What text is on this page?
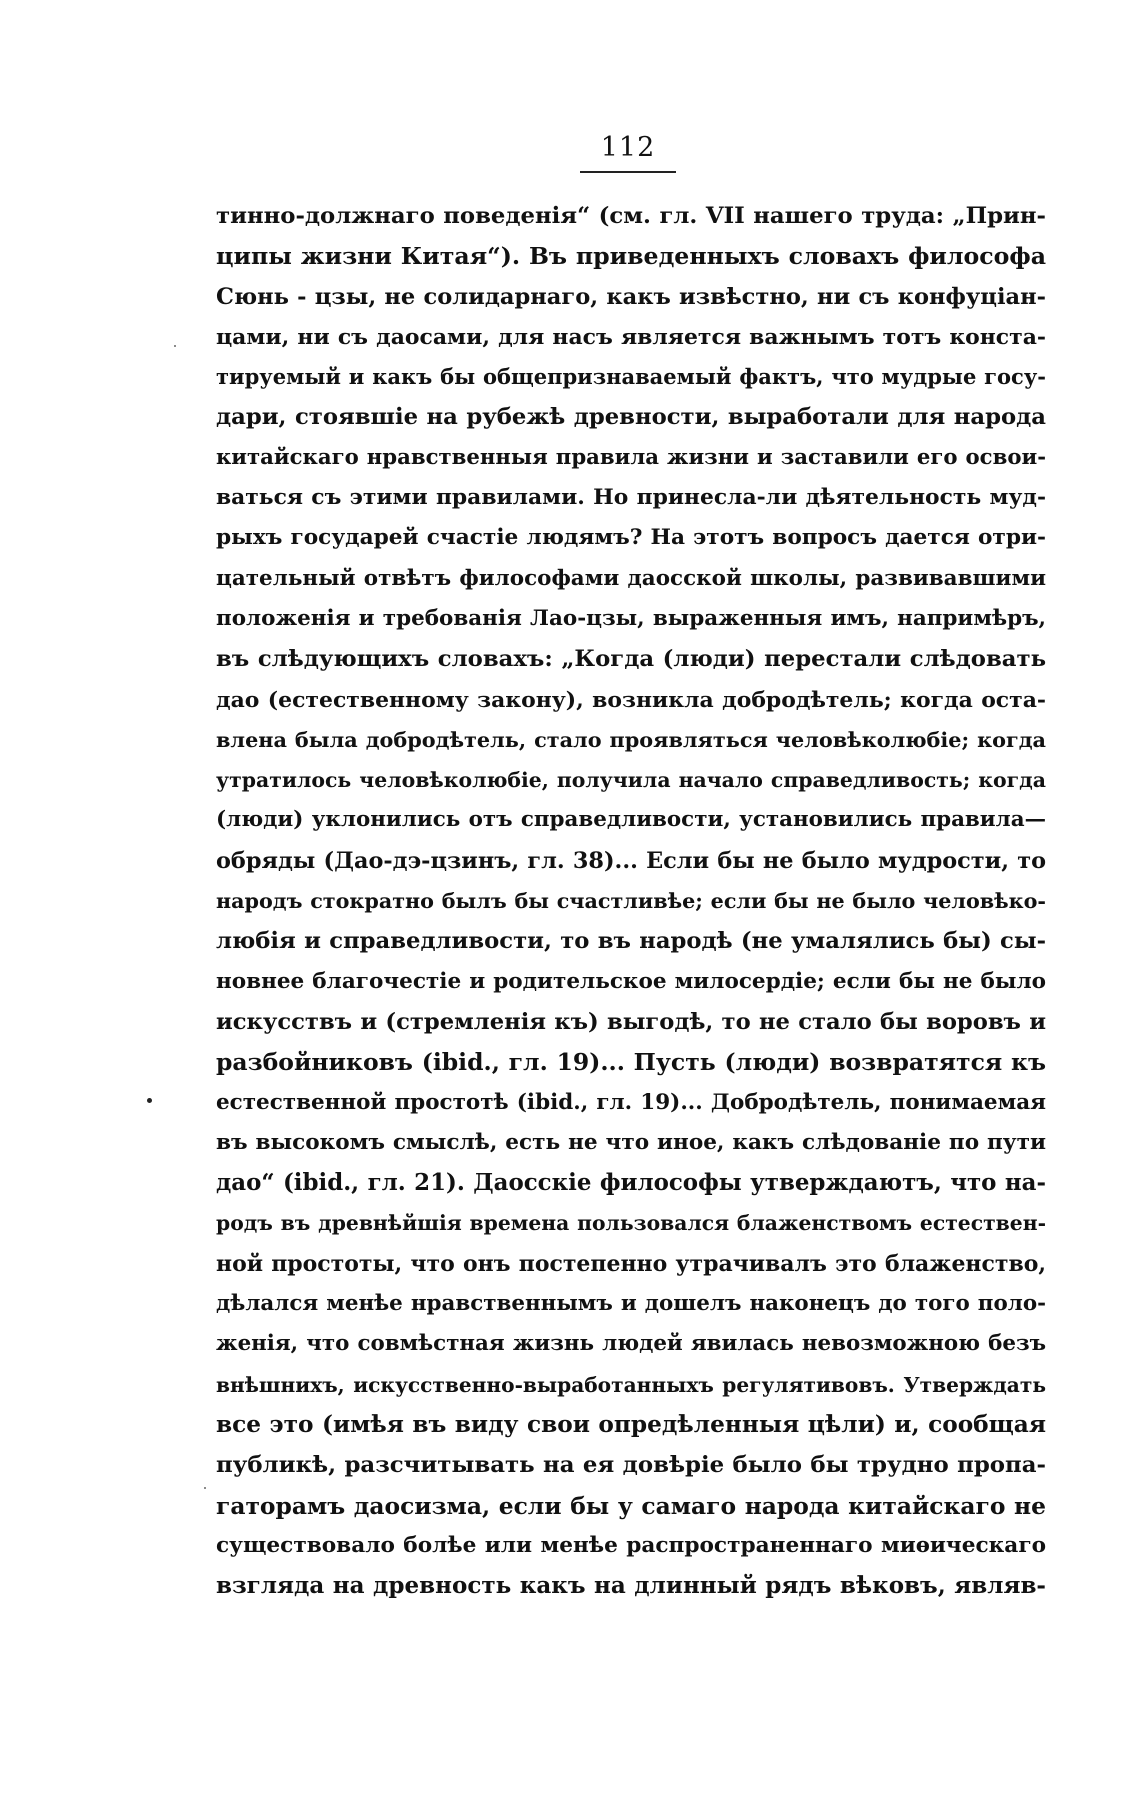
112
тинно-должнаго поведенія“ (см. гл. VII нашего труда: „Прин-
ципы жизни Китая“). Въ приведенныхъ словахъ философа
Сюнь - цзы, не солидарнаго, какъ извѣстно, ни съ конфуціан-
цами, ни съ даосами, для насъ является важнымъ тотъ конста-
тируемый и какъ бы общепризнаваемый фактъ, что мудрые госу-
дари, стоявшіе на рубежѣ древности, выработали для народа
китайскаго нравственныя правила жизни и заставили его освои-
ваться съ этими правилами. Но принесла-ли дѣятельность муд-
рыхъ государей счастіе людямъ? На этотъ вопросъ дается отри-
цательный отвѣтъ философами даосской школы, развивавшими
положенія и требованія Лао-цзы, выраженныя имъ, напримѣръ,
въ слѣдующихъ словахъ: „Когда (люди) перестали слѣдовать
дао (естественному закону), возникла добродѣтель; когда оста-
влена была добродѣтель, стало проявляться человѣколюбіе; когда
утратилось человѣколюбіе, получила начало справедливость; когда
(люди) уклонились отъ справедливости, установились правила—
обряды (Дао-дэ-цзинъ, гл. 38)... Если бы не было мудрости, то
народъ стократно былъ бы счастливѣе; если бы не было человѣко-
любія и справедливости, то въ народѣ (не умалялись бы) сы-
новнее благочестіе и родительское милосердіе; если бы не было
искусствъ и (стремленія къ) выгодѣ, то не стало бы воровъ и
разбойниковъ (ibid., гл. 19)... Пусть (люди) возвратятся къ
естественной простотѣ (ibid., гл. 19)... Добродѣтель, понимаемая
въ высокомъ смыслѣ, есть не что иное, какъ слѣдованіе по пути
дао“ (ibid., гл. 21). Даосскіе философы утверждаютъ, что на-
родъ въ древнѣйшія времена пользовался блаженствомъ естествен-
ной простоты, что онъ постепенно утрачивалъ это блаженство,
дѣлался менѣе нравственнымъ и дошелъ наконецъ до того поло-
женія, что совмѣстная жизнь людей явилась невозможною безъ
внѣшнихъ, искусственно-выработанныхъ регулятивовъ. Утверждать
все это (имѣя въ виду свои опредѣленныя цѣли) и, сообщая
публикѣ, разсчитывать на ея довѣріе было бы трудно пропа-
гаторамъ даосизма, если бы у самаго народа китайскаго не
существовало болѣе или менѣе распространеннаго миѳическаго
взгляда на древность какъ на длинный рядъ вѣковъ, являв-
